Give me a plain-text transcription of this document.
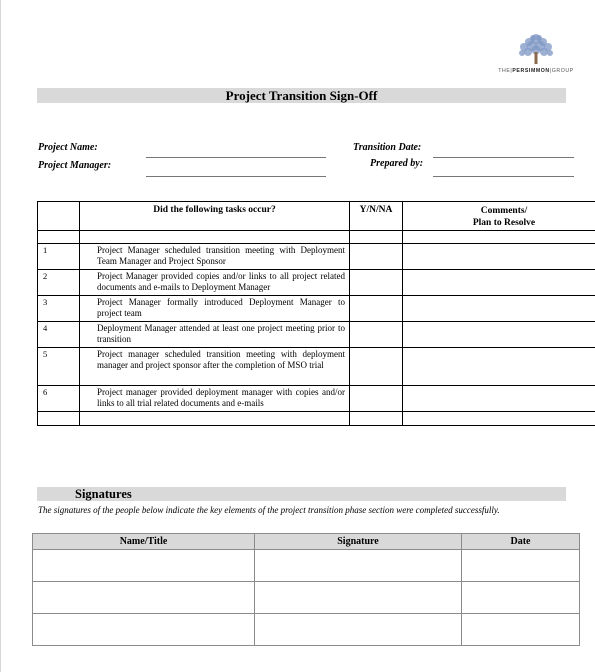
THE|PERSIMMON|GROUP
Project Transition Sign-Off
Project Name:
Project Manager:
Transition Date:
Prepared by:
	Did the following tasks occur?	Y/N/NA	Comments/
Plan to Resolve

1	Project Manager scheduled transition meeting with Deployment Team Manager and Project Sponsor		
2	Project Manager provided copies and/or links to all project related documents and e-mails to Deployment Manager		
3	Project Manager formally introduced Deployment Manager to project team		
4	Deployment Manager attended at least one project meeting prior to transition		
5	Project manager scheduled transition meeting with deployment manager and project sponsor after the completion of MSO trial		
6	Project manager provided deployment manager with copies and/or links to all trial related documents and e-mails		

Signatures
The signatures of the people below indicate the key elements of the project transition phase section were completed successfully.
Name/Title	Signature	Date
